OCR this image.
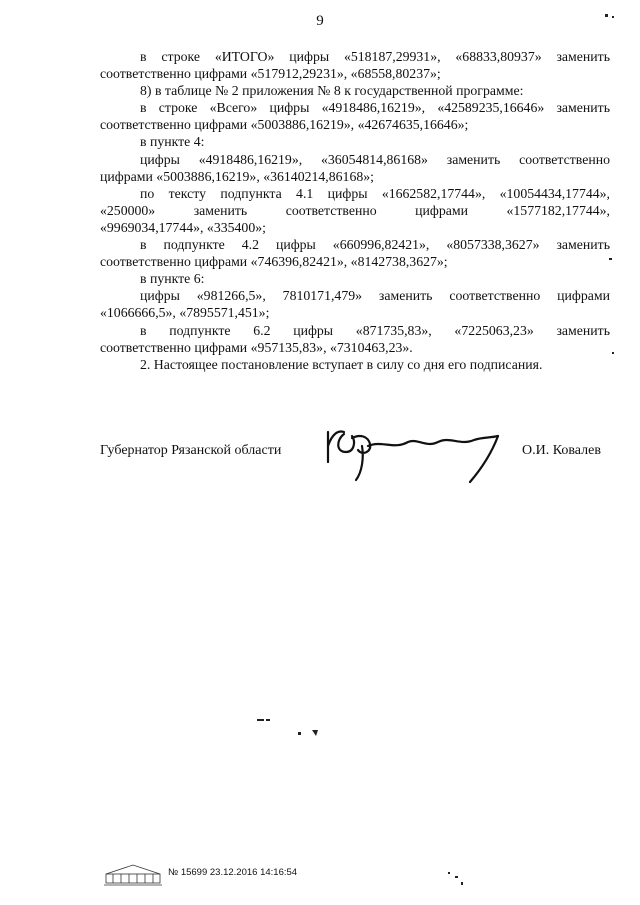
9

в строке «ИТОГО» цифры «518187,29931», «68833,80937» заменить

соответственно цифрами «517912,29231», «68558,80237»;

8) в таблице № 2 приложения № 8 к государственной программе:

в строке «Всего» цифры «4918486,16219», «42589235,16646» заменить

соответственно цифрами «5003886,16219», «42674635,16646»;

в пункте 4:

цифры «4918486,16219», «36054814,86168» заменить соответственно

цифрами «5003886,16219», «36140214,86168»;

по тексту подпункта 4.1 цифры «1662582,17744», «10054434,17744»,

«250000» заменить соответственно цифрами «1577182,17744»,

«9969034,17744», «335400»;

в подпункте 4.2 цифры «660996,82421», «8057338,3627» заменить

соответственно цифрами «746396,82421», «8142738,3627»;

в пункте 6:

цифры «981266,5», 7810171,479» заменить соответственно цифрами

«1066666,5», «7895571,451»;

в подпункте 6.2 цифры «871735,83», «7225063,23» заменить

соответственно цифрами «957135,83», «7310463,23».

2. Настоящее постановление вступает в силу со дня его подписания.

Губернатор Рязанской области	О.И. Ковалев
№ 15699 23.12.2016 14:16:54
